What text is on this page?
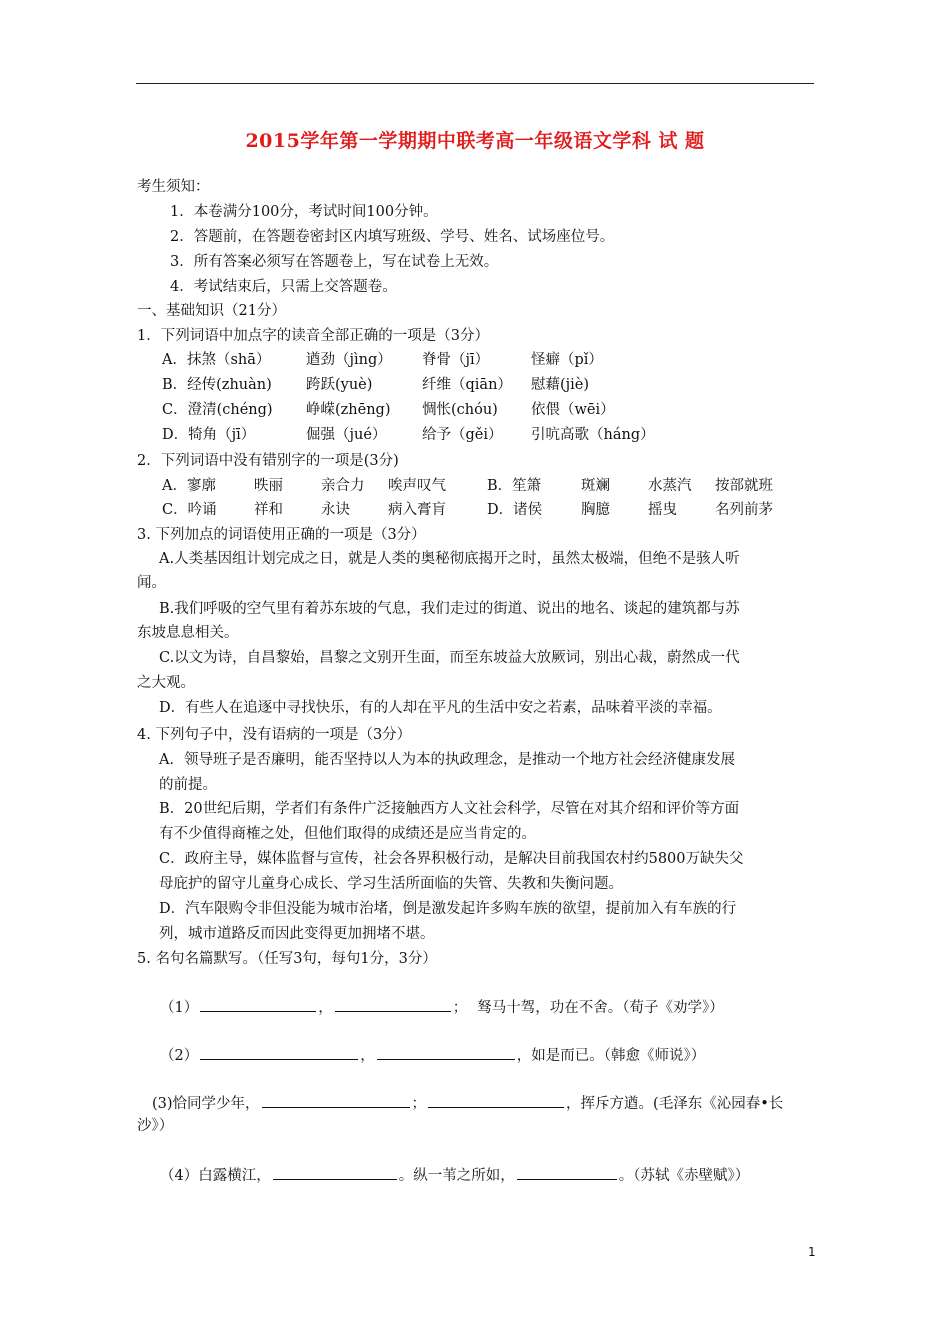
2015学年第一学期期中联考高一年级语文学科 试 题
考生须知：
1．本卷满分100分，考试时间100分钟。
2．答题前，在答题卷密封区内填写班级、学号、姓名、试场座位号。
3．所有答案必须写在答题卷上，写在试卷上无效。
4．考试结束后，只需上交答题卷。
一、基础知识（21分）
1．下列词语中加点字的读音全部正确的一项是（3分）
A．抹煞（shā） 遒劲（jìng） 脊骨（jī）	怪癖（pǐ）
B．经传(zhuàn) 跨跃(yuè)	纤维（qiān） 慰藉(jiè)
C．澄清(chéng) 峥嵘(zhēng) 惆怅(chóu) 依偎（wēi）
D．犄角（jī）	倔强（jué） 给予（gěi） 引吭高歌（háng）
2．下列词语中没有错别字的一项是(3分)
A．寥廓	昳丽	亲合力 唉声叹气	B．笙箫	斑斓	水蒸汽 按部就班
C．吟诵	祥和	永诀	病入膏肓	D．诸侯	胸臆	摇曳	名列前茅
3. 下列加点的词语使用正确的一项是（3分）
A.人类基因组计划完成之日，就是人类的奥秘彻底揭开之时，虽然太极端，但绝不是骇人听
闻。
B.我们呼吸的空气里有着苏东坡的气息，我们走过的街道、说出的地名、谈起的建筑都与苏
东坡息息相关。
C.以文为诗，自昌黎始，昌黎之文别开生面，而至东坡益大放厥词，别出心裁，蔚然成一代
之大观。
D．有些人在追逐中寻找快乐，有的人却在平凡的生活中安之若素，品味着平淡的幸福。
4. 下列句子中，没有语病的一项是（3分）
A．领导班子是否廉明，能否坚持以人为本的执政理念，是推动一个地方社会经济健康发展
的前提。
B．20世纪后期，学者们有条件广泛接触西方人文社会科学，尽管在对其介绍和评价等方面
有不少值得商榷之处，但他们取得的成绩还是应当肯定的。
C．政府主导，媒体监督与宣传，社会各界积极行动，是解决目前我国农村约5800万缺失父
母庇护的留守儿童身心成长、学习生活所面临的失管、失教和失衡问题。
D．汽车限购令非但没能为城市治堵，倒是激发起许多购车族的欲望，提前加入有车族的行
列，城市道路反而因此变得更加拥堵不堪。
5. 名句名篇默写。（任写3句，每句1分，3分）
（1）	，	； 驽马十驾，功在不舍。（荀子《劝学》）
（2）	，	，如是而已。（韩愈《师说》）
(3)恰同学少年，	；	，挥斥方遒。(毛泽东《沁园春•长
沙》）
（4）白露横江，	。纵一苇之所如，	。（苏轼《赤壁赋》）
1
